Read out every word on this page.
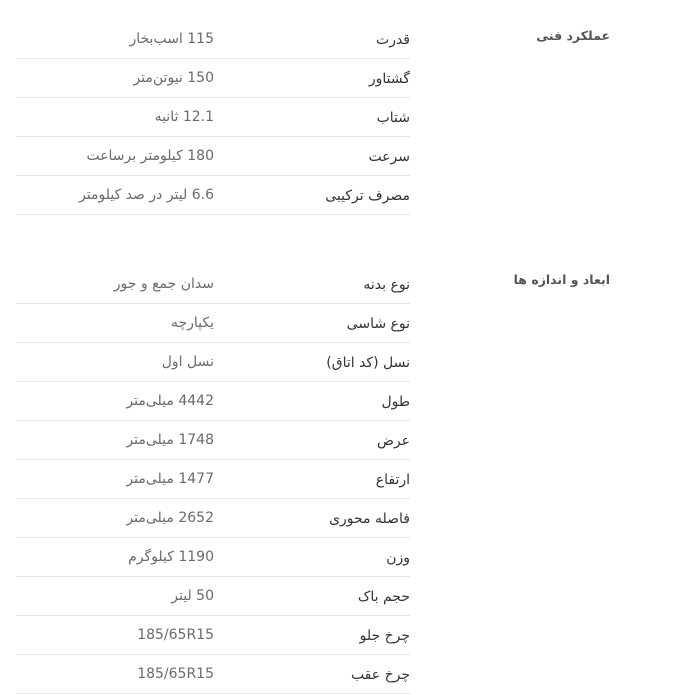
عملکرد فنی
قدرت
115 اسب‌بخار
گشتاور
150 نیوتن‌متر
شتاب
12.1 ثانیه
سرعت
180 کیلومتر برساعت
مصرف ترکیبی
6.6 لیتر در صد کیلومتر
ابعاد و اندازه ها
نوع بدنه
سدان جمع و جور
نوع شاسی
یکپارچه
نسل (کد اتاق)
نسل اول
طول
4442 میلی‌متر
عرض
1748 میلی‌متر
ارتفاع
1477 میلی‌متر
فاصله محوری
2652 میلی‌متر
وزن
1190 کیلوگرم
حجم باک
50 لیتر
چرخ جلو
185/65R15
چرخ عقب
185/65R15
